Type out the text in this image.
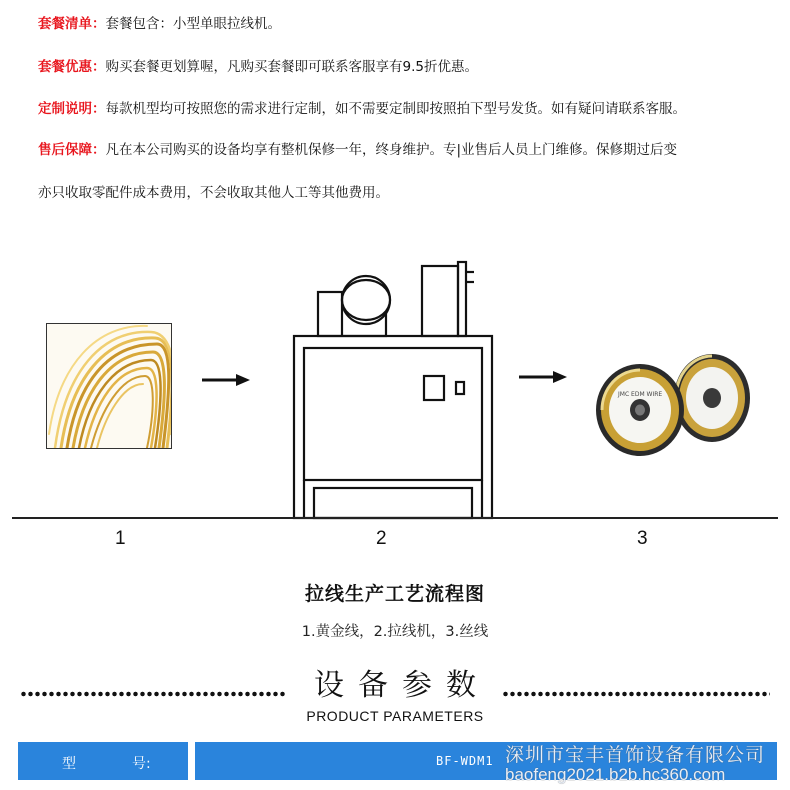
套餐清单：套餐包含：小型单眼拉线机。
套餐优惠：购买套餐更划算喔，凡购买套餐即可联系客服享有9.5折优惠。
定制说明：每款机型均可按照您的需求进行定制，如不需要定制即按照拍下型号发货。如有疑问请联系客服。
售后保障：凡在本公司购买的设备均享有整机保修一年，终身维护。专|业售后人员上门维修。保修期过后变
亦只收取零配件成本费用，不会收取其他人工等其他费用。
JMC EDM WIRE
1	2	3
拉线生产工艺流程图
1.黄金线，2.拉线机，3.丝线
设备参数
PRODUCT PARAMETERS
型	号:	BF-WDM1 深圳市宝丰首饰设备有限公司
baofeng2021.b2b.hc360.com
